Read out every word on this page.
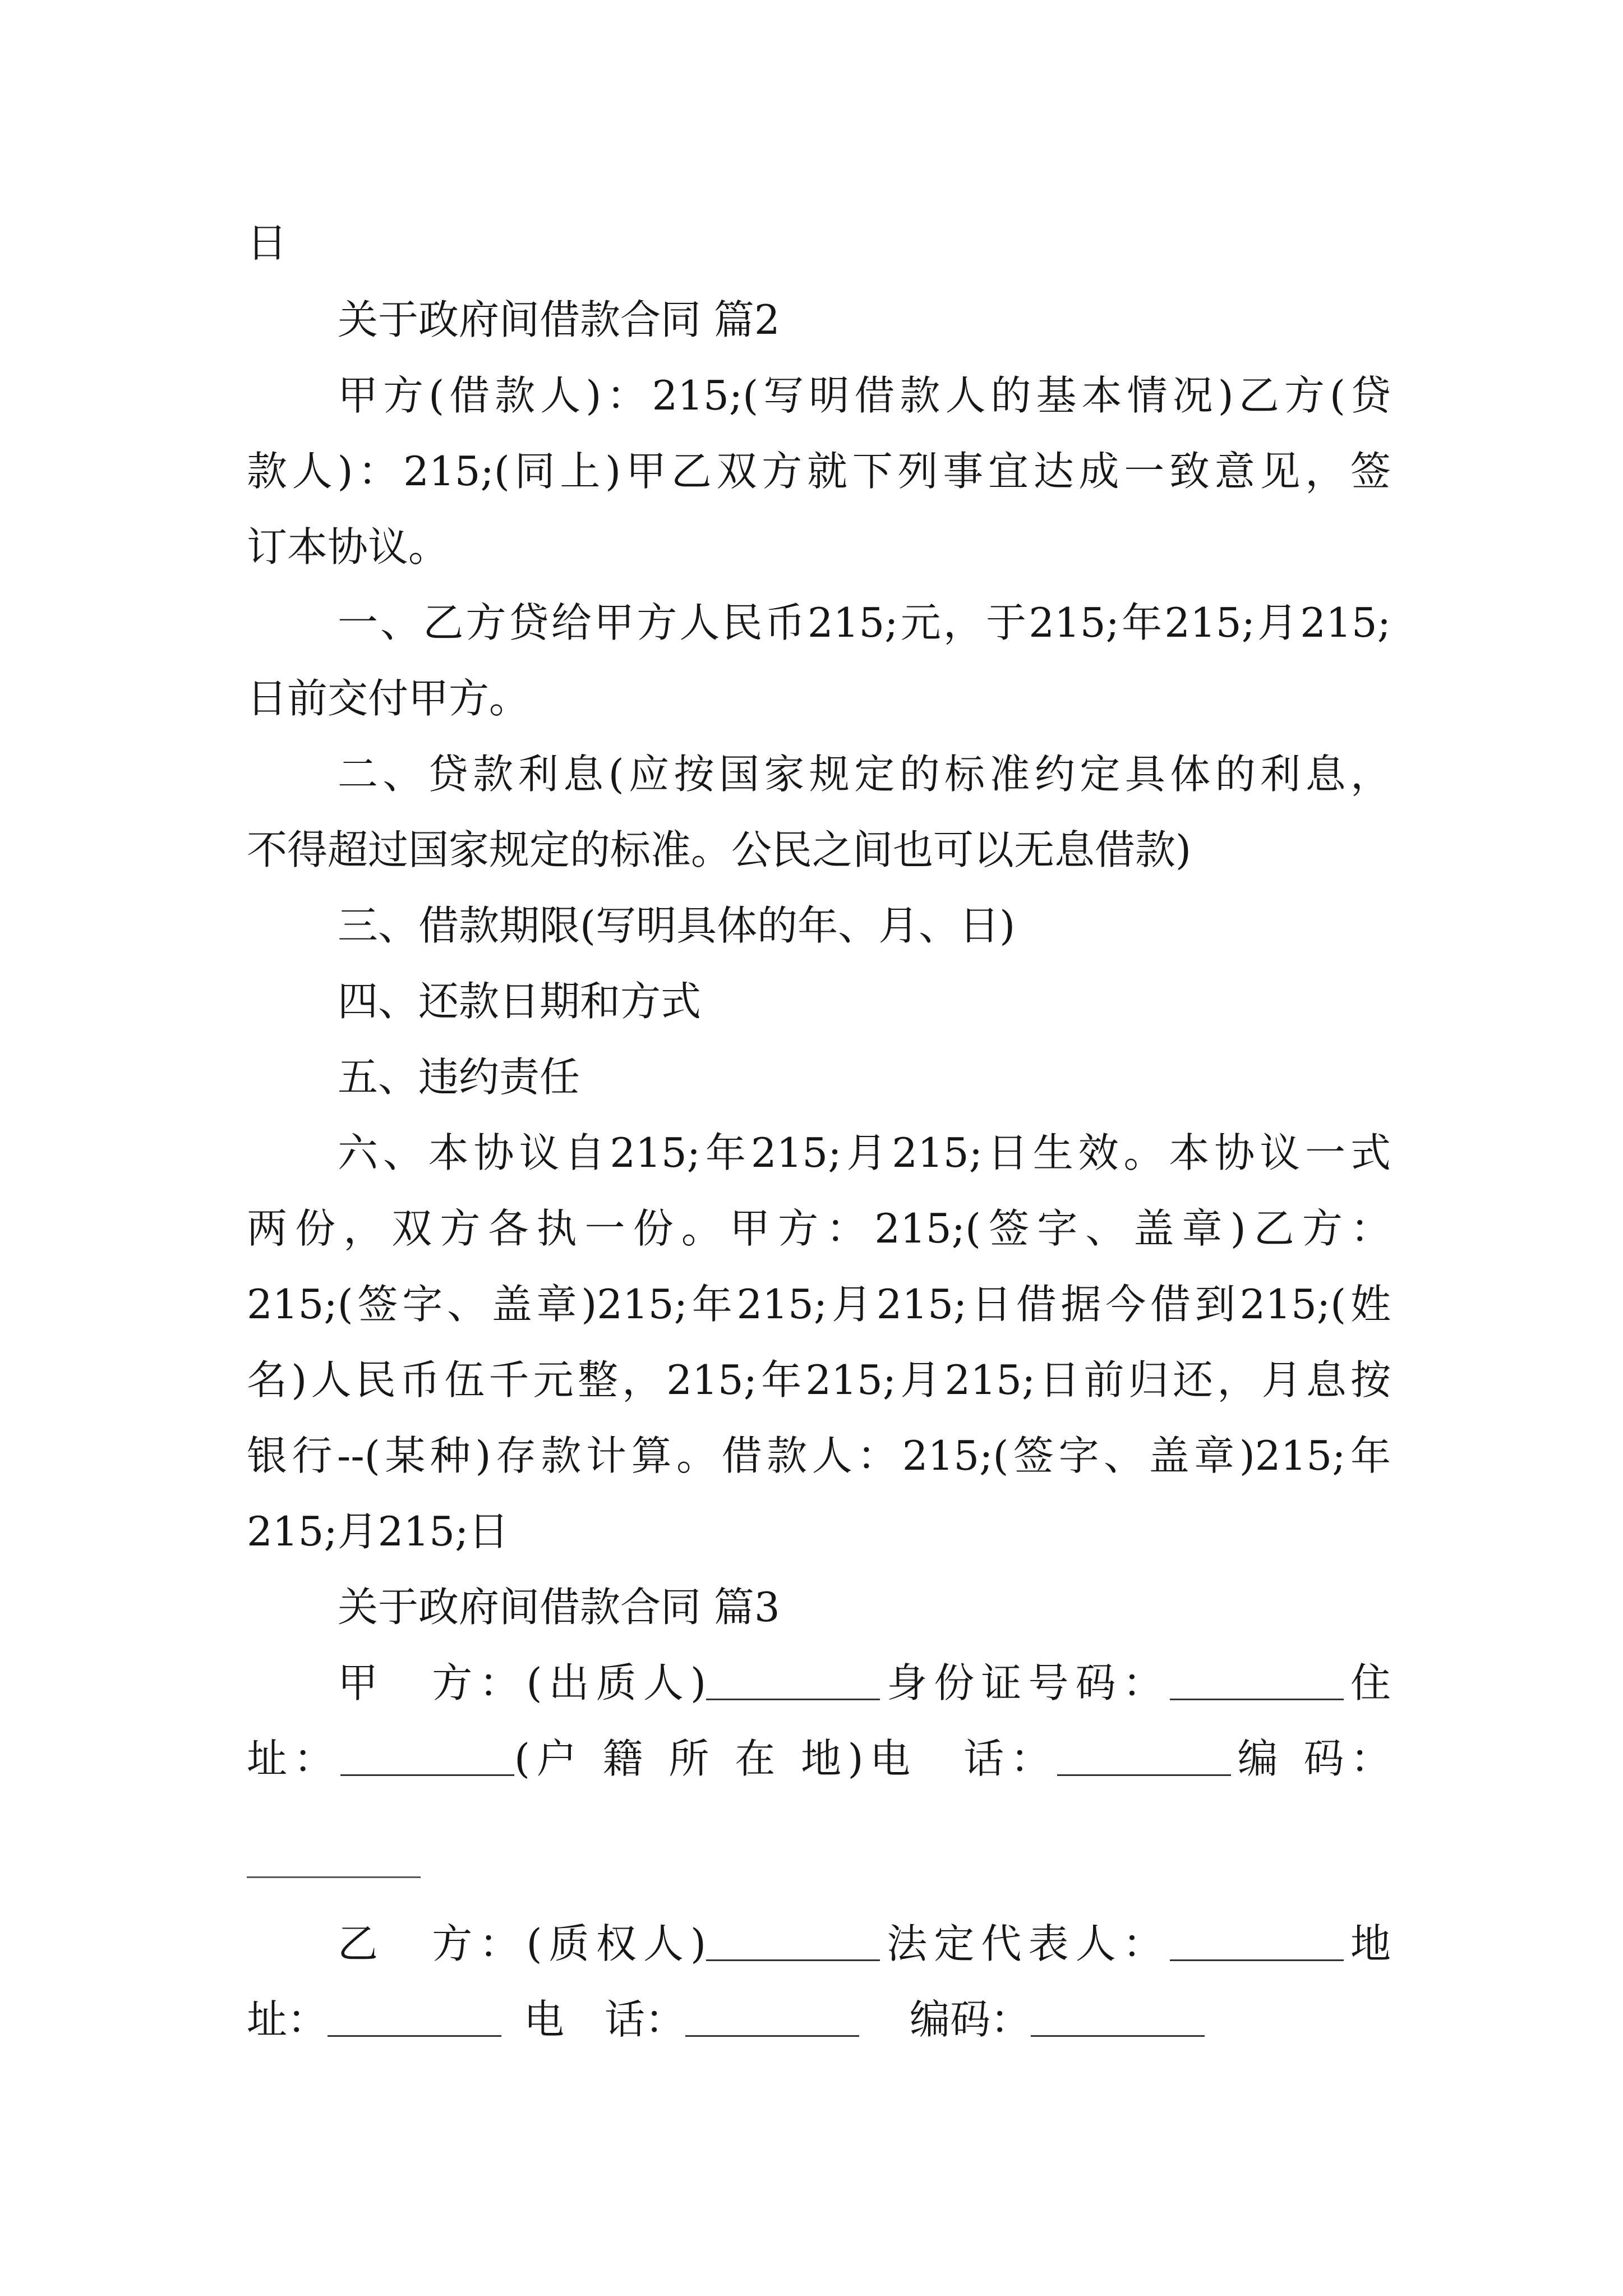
日
关于政府间借款合同 篇2
甲方(借款人)：215;(写明借款人的基本情况)乙方(贷
款人)：215;(同上)甲乙双方就下列事宜达成一致意见，签
订本协议。
一、乙方贷给甲方人民币215;元，于215;年215;月215;
日前交付甲方。
二、贷款利息(应按国家规定的标准约定具体的利息，
不得超过国家规定的标准。公民之间也可以无息借款)
三、借款期限(写明具体的年、月、日)
四、还款日期和方式
五、违约责任
六、本协议自215;年215;月215;日生效。本协议一式
两份，双方各执一份。甲方：215;(签字、盖章)乙方：
215;(签字、盖章)215;年215;月215;日借据今借到215;(姓
名)人民币伍千元整，215;年215;月215;日前归还，月息按
银行--(某种)存款计算。借款人：215;(签字、盖章)215;年
215;月215;日
关于政府间借款合同 篇3
甲　方：(出质人)	身份证号码：	住
址：	(户 籍 所 在 地)电　话：	编 码：
乙　方：(质权人)	法定代表人：	地
址：	电　话：	编码：
